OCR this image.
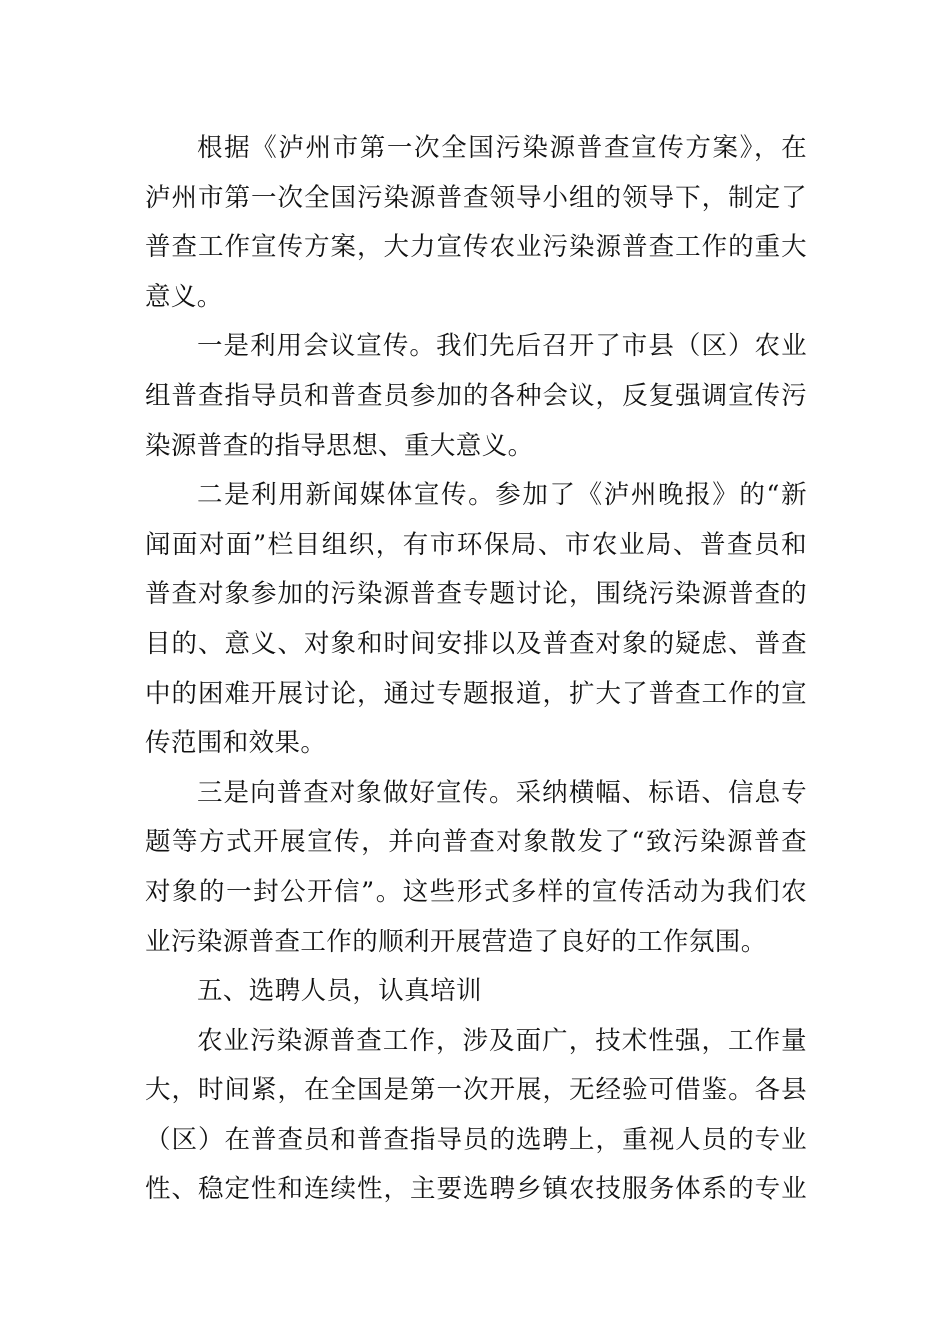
根据《泸州市第一次全国污染源普查宣传方案》，在
泸州市第一次全国污染源普查领导小组的领导下，制定了
普查工作宣传方案，大力宣传农业污染源普查工作的重大
意义。
一是利用会议宣传。我们先后召开了市县（区）农业
组普查指导员和普查员参加的各种会议，反复强调宣传污
染源普查的指导思想、重大意义。
二是利用新闻媒体宣传。参加了《泸州晚报》的“新
闻面对面”栏目组织，有市环保局、市农业局、普查员和
普查对象参加的污染源普查专题讨论，围绕污染源普查的
目的、意义、对象和时间安排以及普查对象的疑虑、普查
中的困难开展讨论，通过专题报道，扩大了普查工作的宣
传范围和效果。
三是向普查对象做好宣传。采纳横幅、标语、信息专
题等方式开展宣传，并向普查对象散发了“致污染源普查
对象的一封公开信”。这些形式多样的宣传活动为我们农
业污染源普查工作的顺利开展营造了良好的工作氛围。
五、选聘人员，认真培训
农业污染源普查工作，涉及面广，技术性强，工作量
大，时间紧，在全国是第一次开展，无经验可借鉴。各县
（区）在普查员和普查指导员的选聘上，重视人员的专业
性、稳定性和连续性，主要选聘乡镇农技服务体系的专业
